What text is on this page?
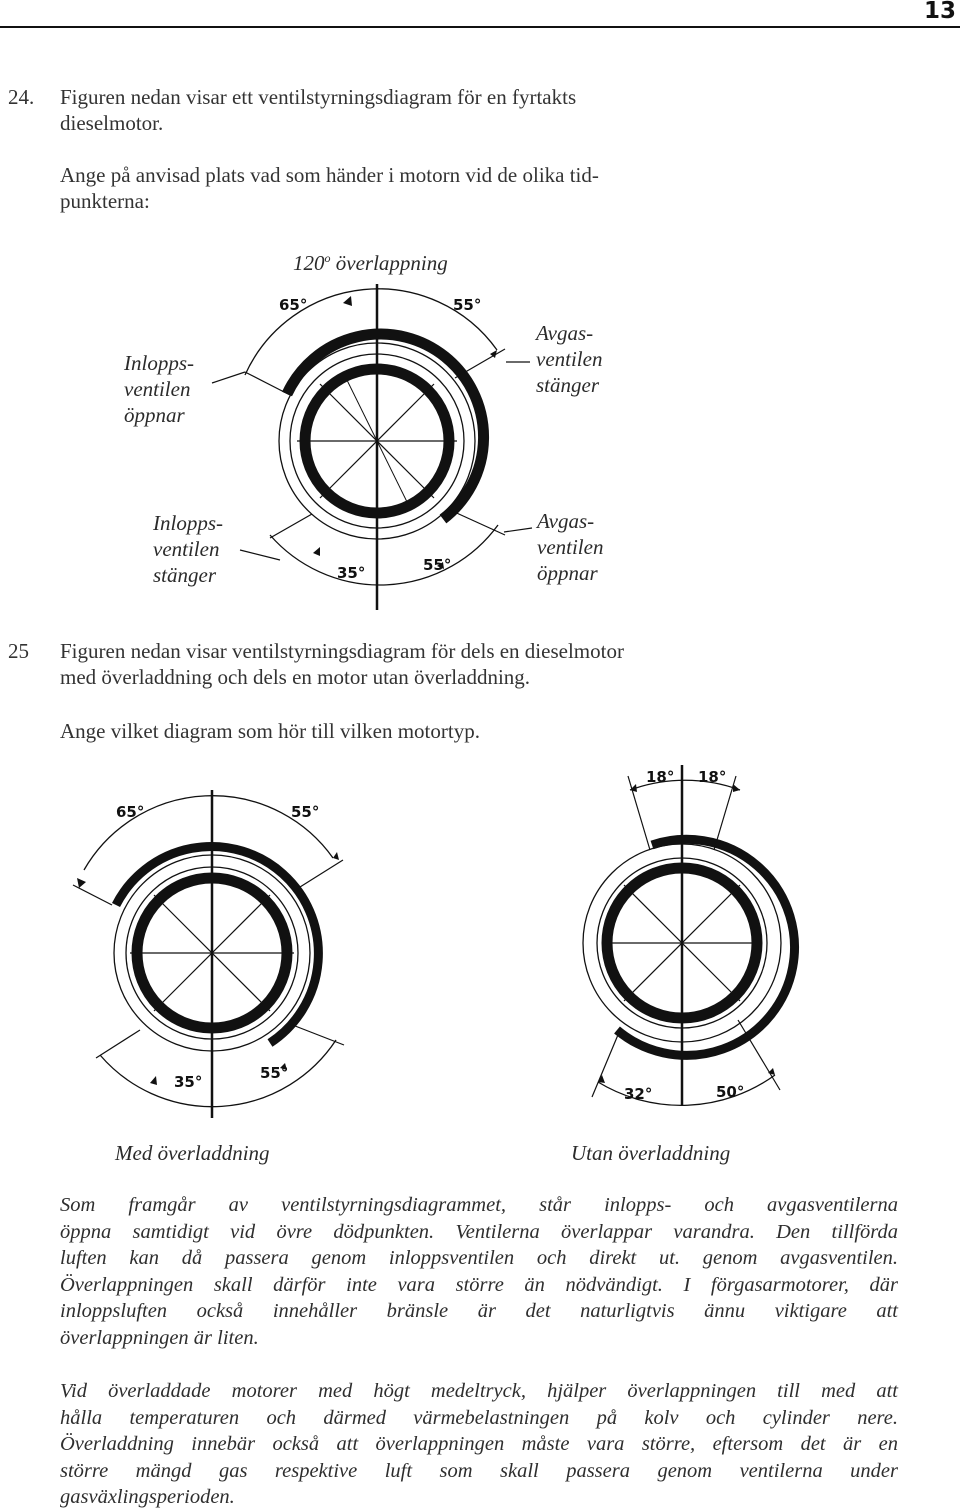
13
24. Figuren nedan visar ett ventilstyrningsdiagram för en fyrtakts
dieselmotor.
Ange på anvisad plats vad som händer i motorn vid de olika tid-
punkterna:
120$^o$ överlappning
Inlopps-
ventilen
öppnar
Avgas-
ventilen
stänger
Inlopps-
ventilen
stänger
Avgas-
ventilen
öppnar
65°	55°
35°	55°
25 Figuren nedan visar ventilstyrningsdiagram för dels en dieselmotor
med överladdning och dels en motor utan överladdning.
Ange vilket diagram som hör till vilken motortyp.
65°	55°
35°	55°
18° 18°
32°	50°
Med överladdning	Utan överladdning
Som framgår av ventilstyrningsdiagrammet, står inlopps- och avgasventilerna
öppna samtidigt vid övre dödpunkten. Ventilerna överlappar varandra. Den tillförda
luften kan då passera genom inloppsventilen och direkt ut. genom avgasventilen.
Överlappningen skall därför inte vara större än nödvändigt. I förgasarmotorer, där
inloppsluften också innehåller bränsle är det naturligtvis ännu viktigare att
överlappningen är liten.
Vid överladdade motorer med högt medeltryck, hjälper överlappningen till med att
hålla temperaturen och därmed värmebelastningen på kolv och cylinder nere.
Överladdning innebär också att överlappningen måste vara större, eftersom det är en
större mängd gas respektive luft som skall passera genom ventilerna under
gasväxlingsperioden.
